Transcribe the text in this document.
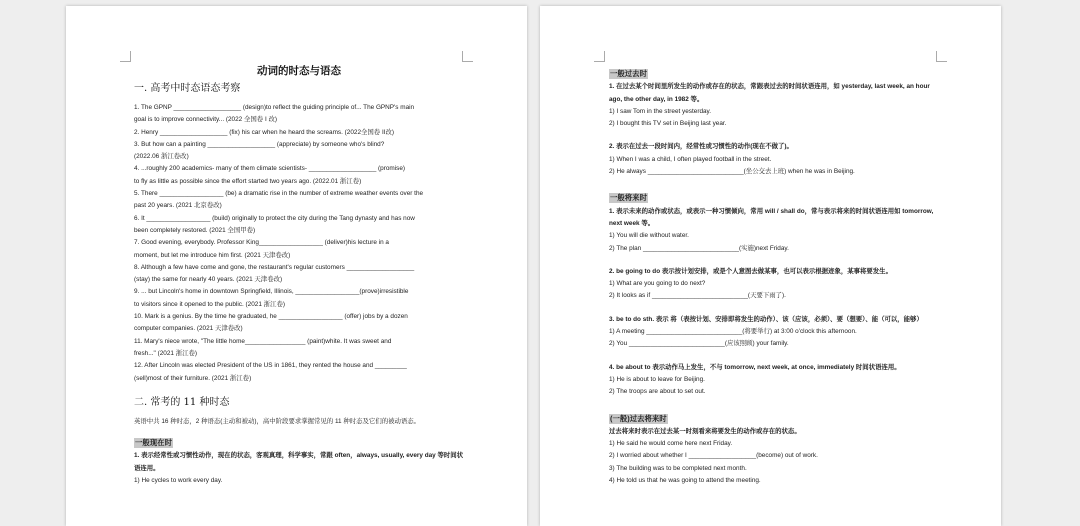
动词的时态与语态

一. 高考中时态语态考察

1. The GPNP ___________________ (design)to reflect the guiding principle of... The GPNP's main
goal is to improve connectivity... (2022 全国卷 I 改)
2. Henry ___________________ (fix) his car when he heard the screams. (2022全国卷 II改)
3. But how can a painting ___________________ (appreciate) by someone who's blind?
(2022.06 浙江卷改)
4. ...roughly 200 academics- many of them climate scientists- ___________________ (promise)
to fly as little as possible since the effort started two years ago. (2022.01 浙江卷)
5. There __________________ (be) a dramatic rise in the number of extreme weather events over the
past 20 years. (2021 北京卷改)
6. It __________________ (build) originally to protect the city during the Tang dynasty and has now
been completely restored. (2021 全国甲卷)
7. Good evening, everybody. Professor King__________________ (deliver)his lecture in a
moment, but let me introduce him first. (2021 天津卷改)
8. Although a few have come and gone, the restaurant's regular customers ___________________
(stay) the same for nearly 40 years. (2021 天津卷改)
9. ... but Lincoln's home in downtown Springfield, Illinois, __________________(prove)irresistible
to visitors since it opened to the public. (2021 浙江卷)
10. Mark is a genius. By the time he graduated, he __________________ (offer) jobs by a dozen
computer companies. (2021 天津卷改)
11. Mary's niece wrote, "The little home_________________ (paint)white. It was sweet and
fresh..." (2021 浙江卷)
12. After Lincoln was elected President of the US in 1861, they rented the house and _________
(sell)most of their furniture. (2021 浙江卷)

二. 常考的 11 种时态

英语中共 16 种时态，2 种语态(主动和被动)，高中阶段要求掌握常见的 11 种时态及它们的被动语态。

一般现在时

1. 表示经常性或习惯性动作，现在的状态，客观真理，科学事实，常跟 often，always, usually, every day 等时间状语连用。

1) He cycles to work every day.

一般过去时

1. 在过去某个时间里所发生的动作或存在的状态，常跟表过去的时间状语连用，如 yesterday, last week, an hour ago, the other day, in 1982 等。

1) I saw Tom in the street yesterday.

2) I bought this TV set in Beijing last year.

2. 表示在过去一段时间内，经常性或习惯性的动作(现在不做了)。

1) When I was a child, I often played football in the street.

2) He always ___________________________(坐公交去上班) when he was in Beijing.

一般将来时

1. 表示未来的动作或状态，或表示一种习惯倾向，常用 will / shall do，常与表示将来的时间状语连用如 tomorrow, next week 等。

1) You will die without water.

2) The plan ___________________________(实施)next Friday.

2. be going to do 表示按计划安排，或是个人意图去做某事，也可以表示根据迹象，某事将要发生。

1) What are you going to do next?

2) It looks as if ___________________________(天要下雨了).

3. be to do sth. 表示 将（表按计划、安排即将发生的动作）、该（应该，必须）、要（想要）、能（可以，能够）

1) A meeting ___________________________(将要举行) at 3:00 o'clock this afternoon.

2) You ___________________________(应该照顾) your family.

4. be about to 表示动作马上发生，不与 tomorrow, next week, at once, immediately 时间状语连用。

1) He is about to leave for Beijing.

2) The troops are about to set out.

(一般)过去将来时

过去将来时表示在过去某一时刻看来将要发生的动作或存在的状态。

1) He said he would come here next Friday.

2) I worried about whether I ___________________(become) out of work.

3) The building was to be completed next month.

4) He told us that he was going to attend the meeting.
